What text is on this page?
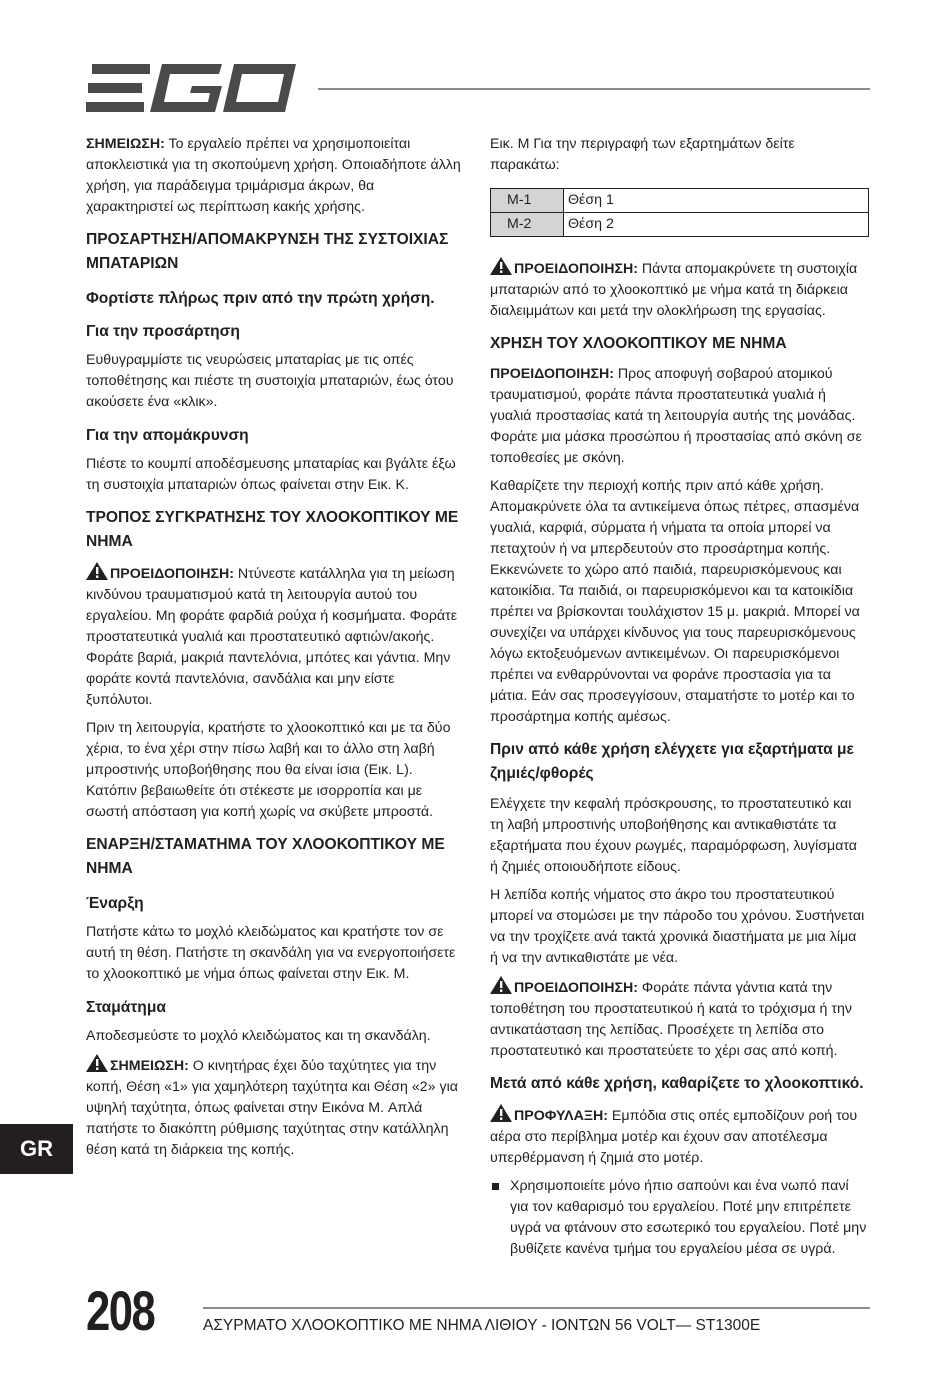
ΣΗΜΕΙΩΣΗ: Το εργαλείο πρέπει να χρησιμοποιείται αποκλειστικά για τη σκοπούμενη χρήση. Οποιαδήποτε άλλη χρήση, για παράδειγμα τριμάρισμα άκρων, θα χαρακτηριστεί ως περίπτωση κακής χρήσης.

ΠΡΟΣΑΡΤΗΣΗ/ΑΠΟΜΑΚΡΥΝΣΗ ΤΗΣ ΣΥΣΤΟΙΧΙΑΣ ΜΠΑΤΑΡΙΩΝ
Φορτίστε πλήρως πριν από την πρώτη χρήση.
Για την προσάρτηση

Ευθυγραμμίστε τις νευρώσεις μπαταρίας με τις οπές τοποθέτησης και πιέστε τη συστοιχία μπαταριών, έως ότου ακούσετε ένα «κλικ».

Για την απομάκρυνση

Πιέστε το κουμπί αποδέσμευσης μπαταρίας και βγάλτε έξω τη συστοιχία μπαταριών όπως φαίνεται στην Εικ. Κ.

ΤΡΟΠΟΣ ΣΥΓΚΡΑΤΗΣΗΣ ΤΟΥ ΧΛΟΟΚΟΠΤΙΚΟΥ ΜΕ ΝΗΜΑ

ΠΡΟΕΙΔΟΠΟΙΗΣΗ: Ντύνεστε κατάλληλα για τη μείωση κινδύνου τραυματισμού κατά τη λειτουργία αυτού του εργαλείου. Μη φοράτε φαρδιά ρούχα ή κοσμήματα. Φοράτε προστατευτικά γυαλιά και προστατευτικό αφτιών/ακοής. Φοράτε βαριά, μακριά παντελόνια, μπότες και γάντια. Μην φοράτε κοντά παντελόνια, σανδάλια και μην είστε ξυπόλυτοι.

Πριν τη λειτουργία, κρατήστε το χλοοκοπτικό και με τα δύο χέρια, το ένα χέρι στην πίσω λαβή και το άλλο στη λαβή μπροστινής υποβοήθησης που θα είναι ίσια (Εικ. L). Κατόπιν βεβαιωθείτε ότι στέκεστε με ισορροπία και με σωστή απόσταση για κοπή χωρίς να σκύβετε μπροστά.

ΕΝΑΡΞΗ/ΣΤΑΜΑΤΗΜΑ ΤΟΥ ΧΛΟΟΚΟΠΤΙΚΟΥ ΜΕ ΝΗΜΑ
Έναρξη

Πατήστε κάτω το μοχλό κλειδώματος και κρατήστε τον σε αυτή τη θέση. Πατήστε τη σκανδάλη για να ενεργοποιήσετε το χλοοκοπτικό με νήμα όπως φαίνεται στην Εικ. M.

Σταμάτημα

Αποδεσμεύστε το μοχλό κλειδώματος και τη σκανδάλη.

ΣΗΜΕΙΩΣΗ: Ο κινητήρας έχει δύο ταχύτητες για την κοπή, Θέση «1» για χαμηλότερη ταχύτητα και Θέση «2» για υψηλή ταχύτητα, όπως φαίνεται στην Εικόνα M. Απλά πατήστε το διακόπτη ρύθμισης ταχύτητας στην κατάλληλη θέση κατά τη διάρκεια της κοπής.

Εικ. M Για την περιγραφή των εξαρτημάτων δείτε παρακάτω:

M-1	Θέση 1
M-2	Θέση 2

ΠΡΟΕΙΔΟΠΟΙΗΣΗ: Πάντα απομακρύνετε τη συστοιχία μπαταριών από το χλοοκοπτικό με νήμα κατά τη διάρκεια διαλειμμάτων και μετά την ολοκλήρωση της εργασίας.

ΧΡΗΣΗ ΤΟΥ ΧΛΟΟΚΟΠΤΙΚΟΥ ΜΕ ΝΗΜΑ

ΠΡΟΕΙΔΟΠΟΙΗΣΗ: Προς αποφυγή σοβαρού ατομικού τραυματισμού, φοράτε πάντα προστατευτικά γυαλιά ή γυαλιά προστασίας κατά τη λειτουργία αυτής της μονάδας. Φοράτε μια μάσκα προσώπου ή προστασίας από σκόνη σε τοποθεσίες με σκόνη.

Καθαρίζετε την περιοχή κοπής πριν από κάθε χρήση. Απομακρύνετε όλα τα αντικείμενα όπως πέτρες, σπασμένα γυαλιά, καρφιά, σύρματα ή νήματα τα οποία μπορεί να πεταχτούν ή να μπερδευτούν στο προσάρτημα κοπής. Εκκενώνετε το χώρο από παιδιά, παρευρισκόμενους και κατοικίδια. Τα παιδιά, οι παρευρισκόμενοι και τα κατοικίδια πρέπει να βρίσκονται τουλάχιστον 15 μ. μακριά. Μπορεί να συνεχίζει να υπάρχει κίνδυνος για τους παρευρισκόμενους λόγω εκτοξευόμενων αντικειμένων. Οι παρευρισκόμενοι πρέπει να ενθαρρύνονται να φοράνε προστασία για τα μάτια. Εάν σας προσεγγίσουν, σταματήστε το μοτέρ και το προσάρτημα κοπής αμέσως.

Πριν από κάθε χρήση ελέγχετε για εξαρτήματα με ζημιές/φθορές

Ελέγχετε την κεφαλή πρόσκρουσης, το προστατευτικό και τη λαβή μπροστινής υποβοήθησης και αντικαθιστάτε τα εξαρτήματα που έχουν ρωγμές, παραμόρφωση, λυγίσματα ή ζημιές οποιουδήποτε είδους.

Η λεπίδα κοπής νήματος στο άκρο του προστατευτικού μπορεί να στομώσει με την πάροδο του χρόνου. Συστήνεται να την τροχίζετε ανά τακτά χρονικά διαστήματα με μια λίμα ή να την αντικαθιστάτε με νέα.

ΠΡΟΕΙΔΟΠΟΙΗΣΗ: Φοράτε πάντα γάντια κατά την τοποθέτηση του προστατευτικού ή κατά το τρόχισμα ή την αντικατάσταση της λεπίδας. Προσέχετε τη λεπίδα στο προστατευτικό και προστατεύετε το χέρι σας από κοπή.

Μετά από κάθε χρήση, καθαρίζετε το χλοοκοπτικό.

ΠΡΟΦΥΛΑΞΗ: Εμπόδια στις οπές εμποδίζουν ροή του αέρα στο περίβλημα μοτέρ και έχουν σαν αποτέλεσμα υπερθέρμανση ή ζημιά στο μοτέρ.

Χρησιμοποιείτε μόνο ήπιο σαπούνι και ένα νωπό πανί για τον καθαρισμό του εργαλείου. Ποτέ μην επιτρέπετε υγρά να φτάνουν στο εσωτερικό του εργαλείου. Ποτέ μην βυθίζετε κανένα τμήμα του εργαλείου μέσα σε υγρά.
GR
208	ΑΣΥΡΜΑΤΟ ΧΛΟΟΚΟΠΤΙΚΟ ΜΕ ΝΗΜΑ ΛΙΘΙΟΥ - ΙΟΝΤΩΝ 56 VOLT— ST1300E
